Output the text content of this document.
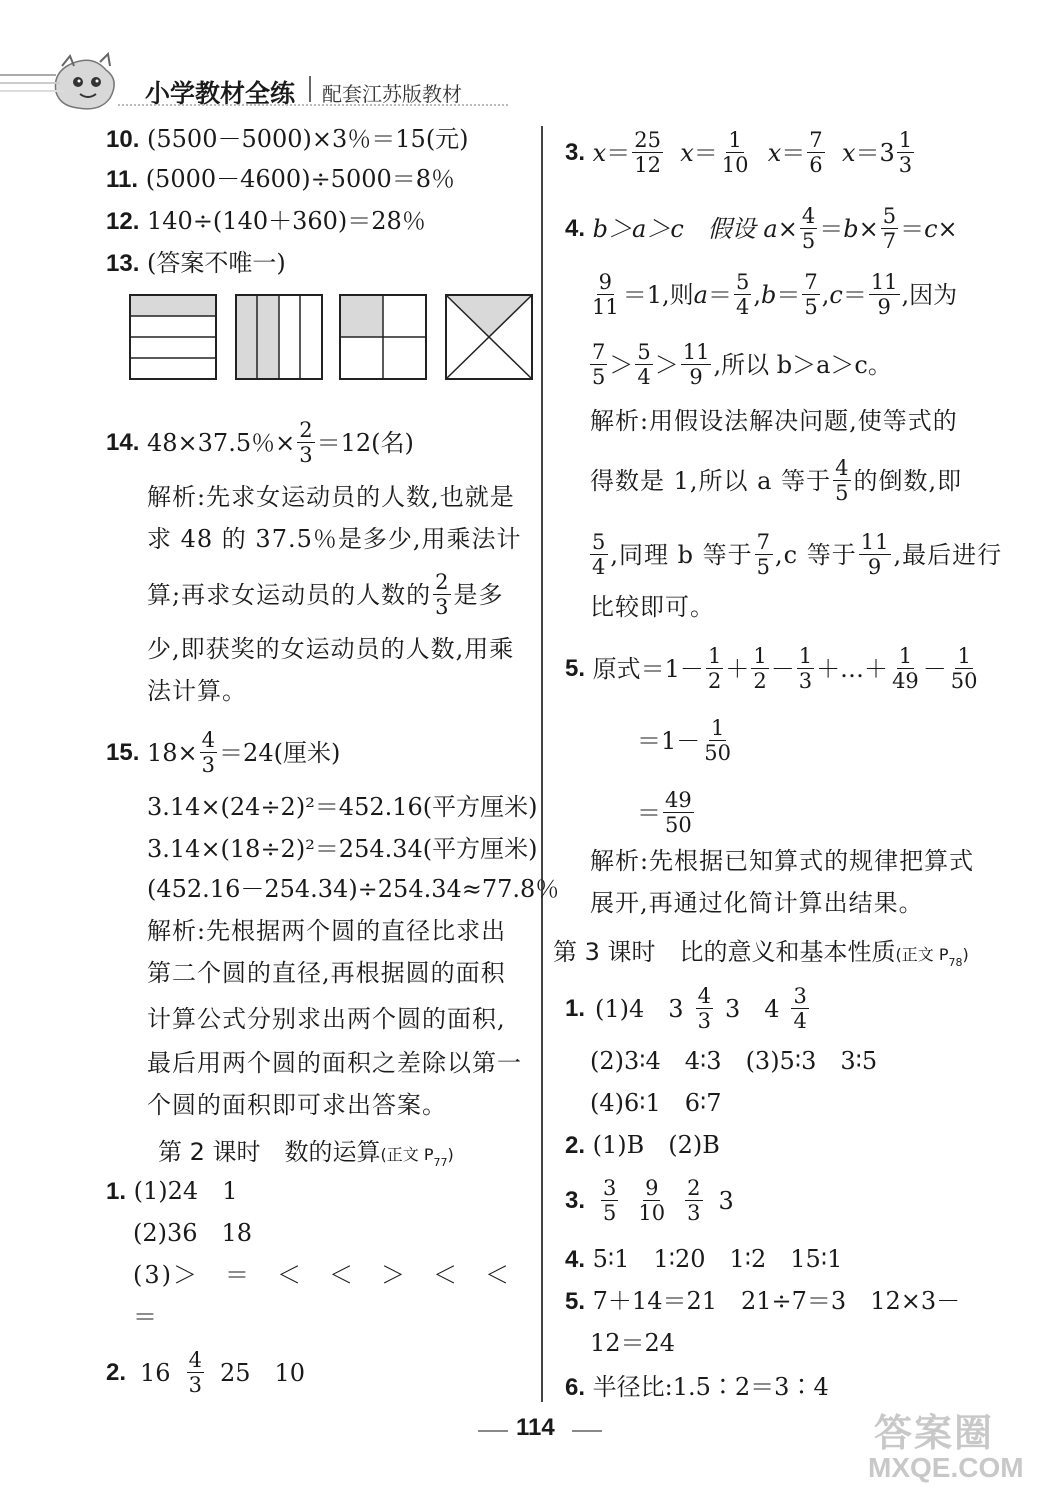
小学教材全练 配套江苏版教材
10. (5500－5000)×3％＝15(元)
11. (5000－4600)÷5000＝8％
12. 140÷(140＋360)＝28％
13. (答案不唯一)
14.
48×37.5％× $\frac{2}{3} =12$(名)
解析:先求女运动员的人数,也就是
求 48 的 37.5％是多少,用乘法计
算;再求女运动员的人数的 $\frac{2}{3}$ 是多
少,即获奖的女运动员的人数,用乘
法计算。
15.
$18\times \frac{4}{3} =24$(厘米)
3.14×(24÷2)²＝452.16(平方厘米)
3.14×(18÷2)²＝254.34(平方厘米)
(452.16－254.34)÷254.34≈77.8％
解析:先根据两个圆的直径比求出
第二个圆的直径,再根据圆的面积
计算公式分别求出两个圆的面积,
最后用两个圆的面积之差除以第一
个圆的面积即可求出答案。
第 2 课时　数的运算(正文 $P_{77}$)
1. (1)24　1
(2)36　18
(3)＞　＝　＜　＜　＞　＜　＜
＝
2. $16 \frac{4}{3} 25$　10
3.
$x = \frac{25}{12}$
$x = \frac{1}{10}$
$x = \frac{7}{6}$
$x = 3 \frac{1}{3}$
4.
b＞a＞c　假设
$a \times \frac{4}{5} = b \times \frac{5}{7} = c$ ×
$\frac{9}{11} =1$,则 $a = \frac{5}{4}$ , $b = \frac{7}{5}$ , $c = \frac{11}{9}$ ,因为
$\frac{7}{5} > \frac{5}{4} > \frac{11}{9}$ ,所以 b＞a＞c。
解析:用假设法解决问题,使等式的
得数是 1,所以 a 等于 $\frac{4}{5}$ 的倒数,即
$\frac{5}{4}$ ,同理 b 等于 $\frac{7}{5} ,c$ 等于 $\frac{11}{9}$ ,最后进行
比较即可。
5.
原式$=1- \frac{1}{2} + \frac{1}{2} - \frac{1}{3}$ ＋…＋ $\frac{1}{49} - \frac{1}{50}$
$=1- \frac{1}{50}$
＝ $\frac{49}{50}$
解析:先根据已知算式的规律把算式
展开,再通过化简计算出结果。
第 3 课时　比的意义和基本性质(正文 $P_{78}$)
1. (1)4　$3 \frac{4}{3} 3$　$4 \frac{3}{4}$
(2)3∶4　4∶3　(3)5∶3　3∶5
(4)6∶1　6∶7
2. (1)B　(2)B
3. $\frac{3}{5} \frac{9}{10} \frac{2}{3} 3$
4. 5∶1　1∶20　1∶2　15∶1
5. 7＋14＝21　21÷7＝3　12×3－
12＝24
6. 半径比:1.5∶2＝3∶4
114	答案圈
MXQE.COM
